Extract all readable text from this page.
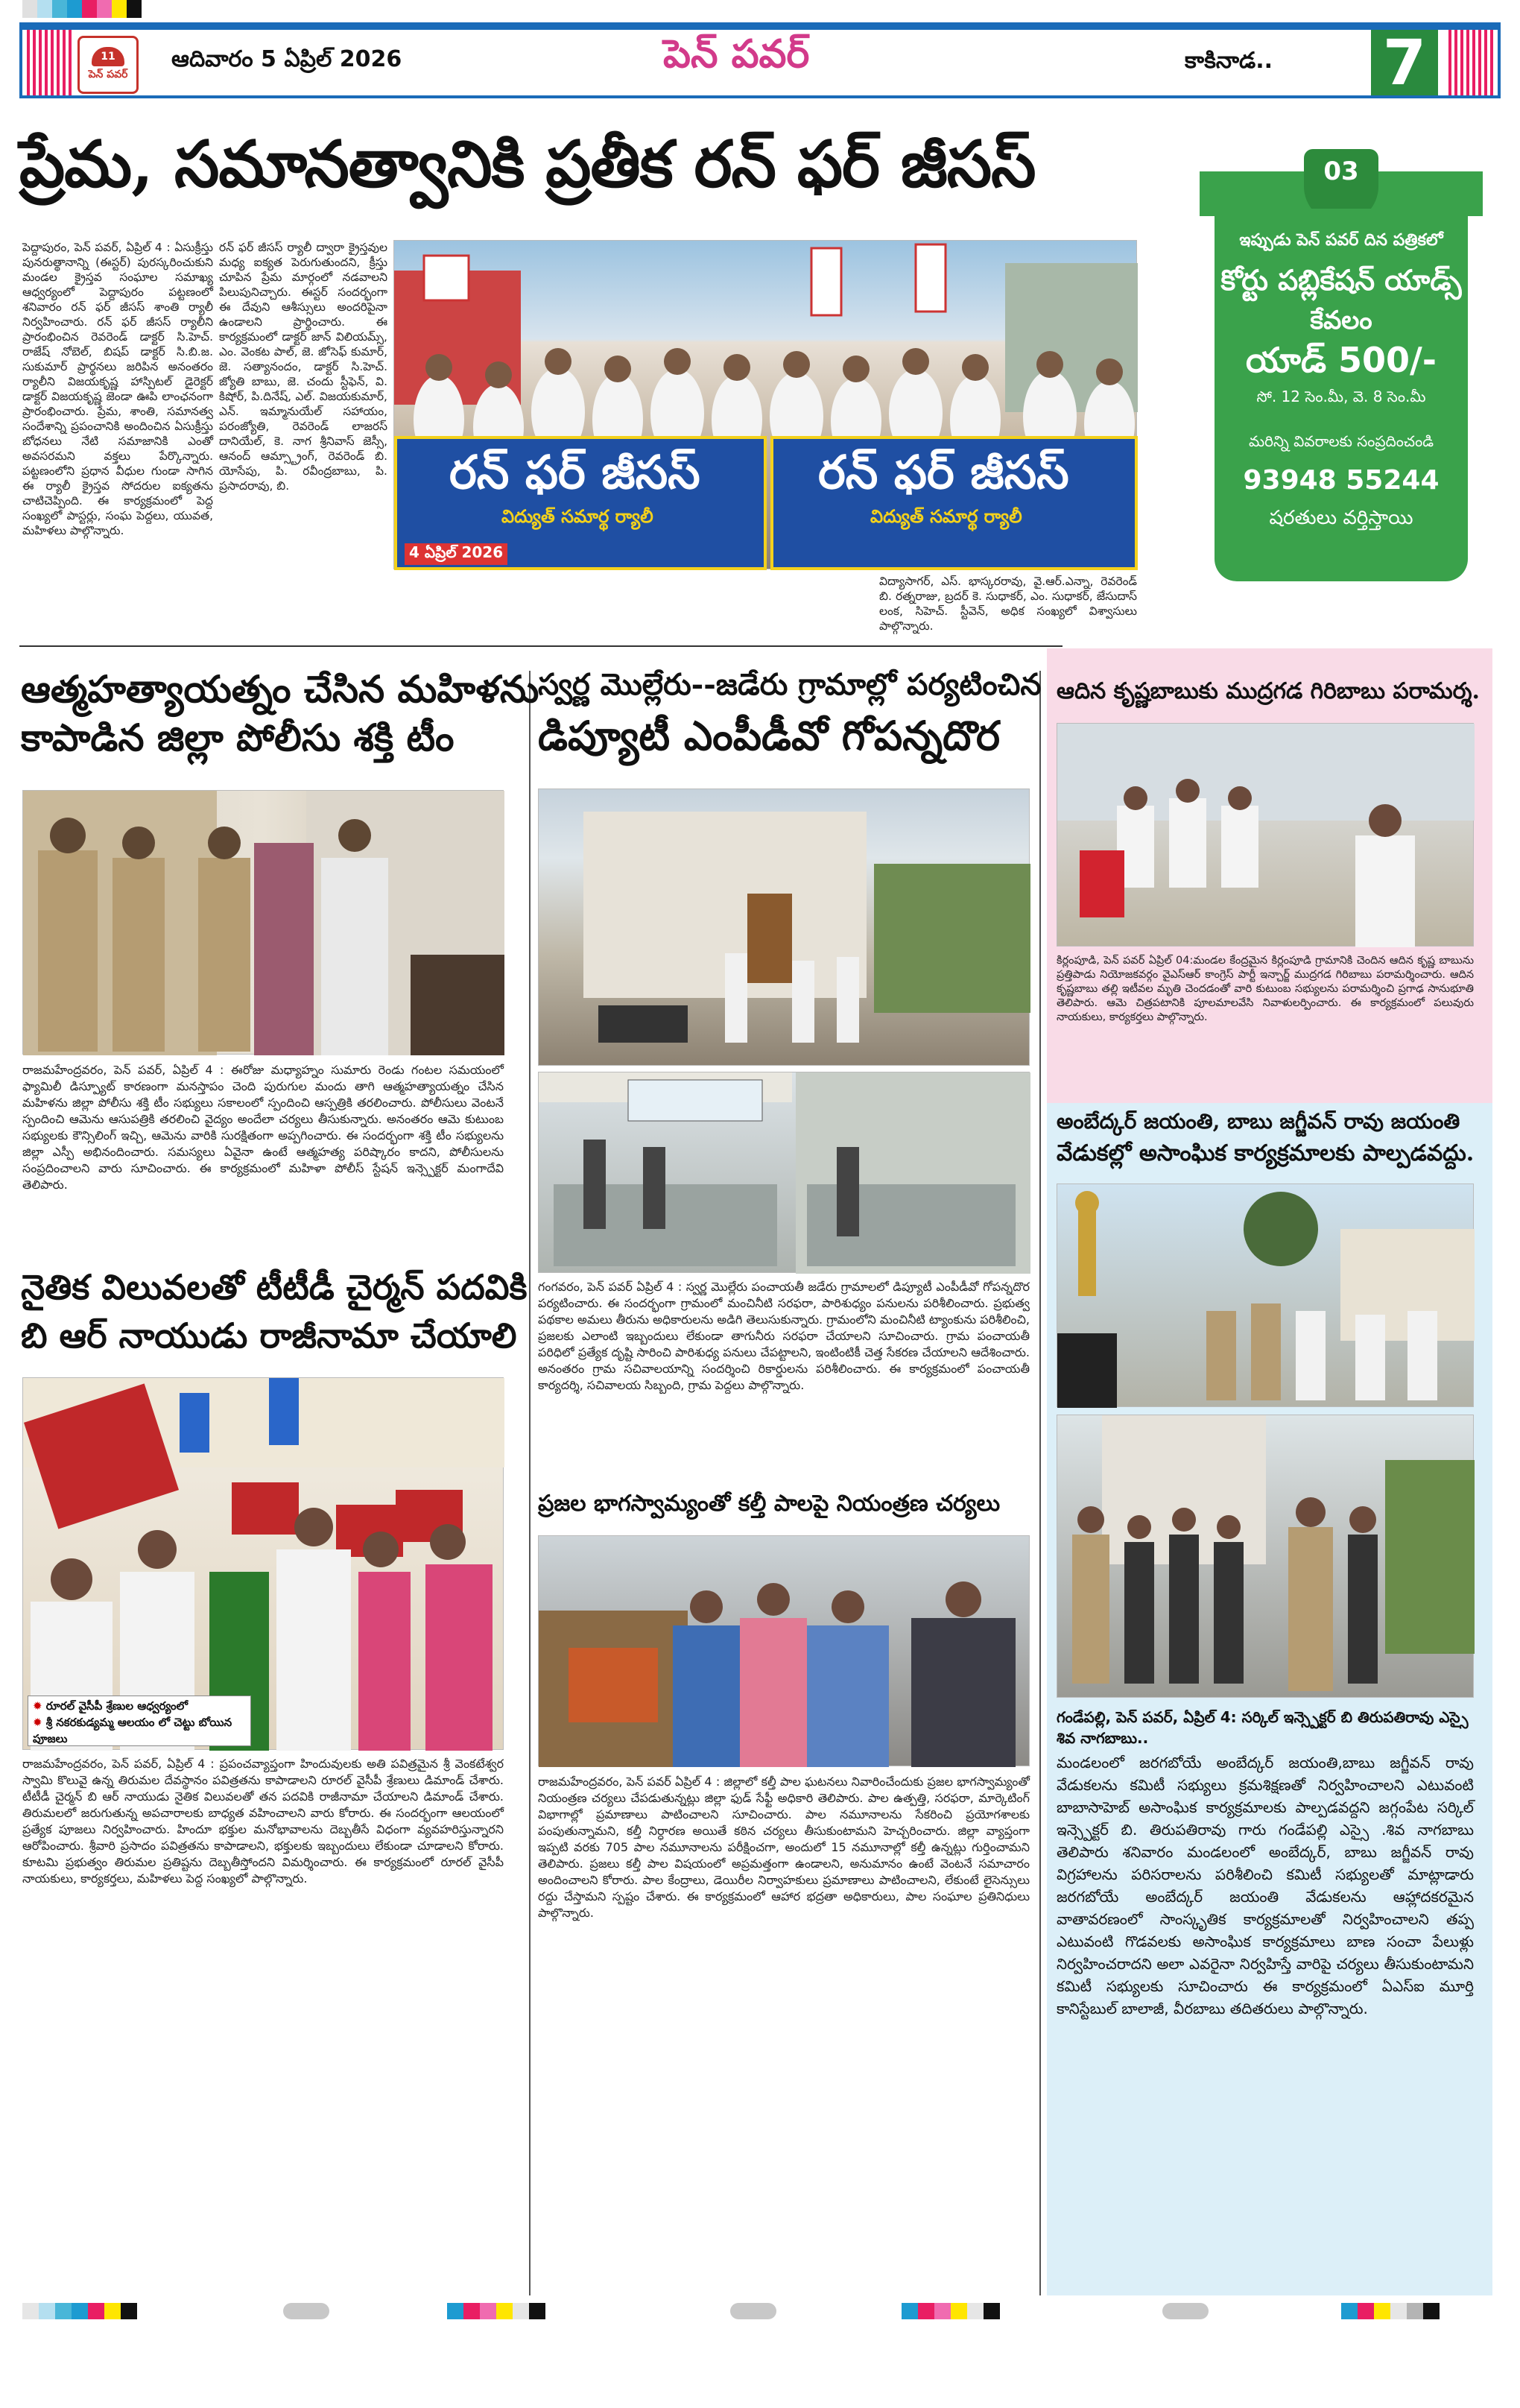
11
పెన్ పవర్
ఆదివారం 5 ఏప్రిల్ 2026	పెన్ పవర్	కాకినాడ.. 7
ప్రేమ, సమానత్వానికి ప్రతీక రన్ ఫర్ జీసస్
పెద్దాపురం, పెన్ పవర్, ఏప్రిల్ 4 : ఏసుక్రీస్తు పునరుత్థానాన్ని (ఈస్టర్) పురస్కరించుకుని మండల క్రైస్తవ సంఘాల సమాఖ్య ఆధ్వర్యంలో పెద్దాపురం పట్టణంలో శనివారం రన్ ఫర్ జీసస్ శాంతి ర్యాలీ నిర్వహించారు. రన్ ఫర్ జీసస్ ర్యాలీని ప్రారంభించిన రెవరెండ్ డాక్టర్ సి.హెచ్. రాజేష్ నోబెల్, బిషప్ డాక్టర్ సి.బి.జ. సుకుమార్ ప్రార్థనలు జరిపిన అనంతరం ర్యాలీని విజయకృష్ణ హాస్పిటల్ డైరెక్టర్ డాక్టర్ విజయకృష్ణ జెండా ఊపి లాంఛనంగా ప్రారంభించారు. ప్రేమ, శాంతి, సమానత్వ సందేశాన్ని ప్రపంచానికి అందించిన ఏసుక్రీస్తు బోధనలు నేటి సమాజానికి ఎంతో అవసరమని వక్తలు పేర్కొన్నారు. పట్టణంలోని ప్రధాన వీధుల గుండా సాగిన ఈ ర్యాలీ క్రైస్తవ సోదరుల ఐక్యతను చాటిచెప్పింది. ఈ కార్యక్రమంలో పెద్ద సంఖ్యలో పాస్టర్లు, సంఘ పెద్దలు, యువత, మహిళలు పాల్గొన్నారు.
రన్ ఫర్ జీసస్ ర్యాలీ ద్వారా క్రైస్తవుల మధ్య ఐక్యత పెరుగుతుందని, క్రీస్తు చూపిన ప్రేమ మార్గంలో నడవాలని పిలుపునిచ్చారు. ఈస్టర్ సందర్భంగా ఈ దేవుని ఆశీస్సులు అందరిపైనా ఉండాలని ప్రార్థించారు. ఈ కార్యక్రమంలో డాక్టర్ జాన్ విలియమ్స్, ఎం. వెంకట పాల్, జె. జోసెఫ్ కుమార్, జె. సత్యానందం, డాక్టర్ సి.హెచ్. జ్యోతి బాబు, జె. చందు స్టీఫెన్, వి. కిషోర్, పి.దినేష్, ఎల్. విజయకుమార్, ఎన్. ఇమ్మానుయేల్ సహాయం, పరంజ్యోతి, రెవరెండ్ లాజరస్ దానియేల్, కె. నాగ శ్రీనివాస్ జెస్సీ, ఆనంద్ ఆమ్స్ట్రాంగ్, రెవరెండ్ బి. యోసేపు, పి. రవీంద్రబాబు, పి. ప్రసాదరావు, బి.	రన్ ఫర్ జీసస్
విద్యుత్ సమార్థ ర్యాలీ
4 ఏప్రిల్ 2026
రన్ ఫర్ జీసస్
విద్యుత్ సమార్థ ర్యాలీ
విద్యాసాగర్, ఎస్. భాస్కరరావు, వై.ఆర్.ఎన్నా, రెవరెండ్ బి. రత్నరాజు, బ్రదర్ కె. సుధాకర్, ఎం. సుధాకర్, జేసుదాస్ లంక, సిహెచ్. స్టీవెన్, అధిక సంఖ్యలో విశ్వాసులు పాల్గొన్నారు.
03
ఇప్పుడు పెన్ పవర్ దిన పత్రికలో
కోర్టు పబ్లికేషన్ యాడ్స్
కేవలం
యాడ్ 500/-
సో. 12 సెం.మీ, వె. 8 సెం.మీ
మరిన్ని వివరాలకు సంప్రదించండి
93948 55244
షరతులు వర్తిస్తాయి
ఆత్మహత్యాయత్నం చేసిన మహిళను
కాపాడిన జిల్లా పోలీసు శక్తి టీం
రాజమహేంద్రవరం, పెన్ పవర్, ఏప్రిల్ 4 : ఈరోజు మధ్యాహ్నం సుమారు రెండు గంటల సమయంలో ఫ్యామిలీ డిస్ప్యూట్ కారణంగా మనస్తాపం చెంది పురుగుల మందు తాగి ఆత్మహత్యాయత్నం చేసిన మహిళను జిల్లా పోలీసు శక్తి టీం సభ్యులు సకాలంలో స్పందించి ఆస్పత్రికి తరలించారు. పోలీసులు వెంటనే స్పందించి ఆమెను ఆసుపత్రికి తరలించి వైద్యం అందేలా చర్యలు తీసుకున్నారు. అనంతరం ఆమె కుటుంబ సభ్యులకు కౌన్సిలింగ్ ఇచ్చి, ఆమెను వారికి సురక్షితంగా అప్పగించారు. ఈ సందర్భంగా శక్తి టీం సభ్యులను జిల్లా ఎస్పీ అభినందించారు. సమస్యలు ఏవైనా ఉంటే ఆత్మహత్య పరిష్కారం కాదని, పోలీసులను సంప్రదించాలని వారు సూచించారు. ఈ కార్యక్రమంలో మహిళా పోలీస్ స్టేషన్ ఇన్స్పెక్టర్ మంగాదేవి తెలిపారు.
నైతిక విలువలతో టీటీడీ చైర్మన్ పదవికి
బి ఆర్ నాయుడు రాజీనామా చేయాలి
✹ రూరల్ వైసీపీ శ్రేణుల ఆధ్వర్యంలో
✹ శ్రీ నకరకుడ్యమ్మ ఆలయం లో చెట్టు బోయిన పూజలు
రాజమహేంద్రవరం, పెన్ పవర్, ఏప్రిల్ 4 : ప్రపంచవ్యాప్తంగా హిందువులకు అతి పవిత్రమైన శ్రీ వెంకటేశ్వర స్వామి కొలువై ఉన్న తిరుమల దేవస్థానం పవిత్రతను కాపాడాలని రూరల్ వైసీపీ శ్రేణులు డిమాండ్ చేశారు. టీటీడీ చైర్మన్ బి ఆర్ నాయుడు నైతిక విలువలతో తన పదవికి రాజీనామా చేయాలని డిమాండ్ చేశారు. తిరుమలలో జరుగుతున్న అపచారాలకు బాధ్యత వహించాలని వారు కోరారు. ఈ సందర్భంగా ఆలయంలో ప్రత్యేక పూజలు నిర్వహించారు. హిందూ భక్తుల మనోభావాలను దెబ్బతీసే విధంగా వ్యవహరిస్తున్నారని ఆరోపించారు. శ్రీవారి ప్రసాదం పవిత్రతను కాపాడాలని, భక్తులకు ఇబ్బందులు లేకుండా చూడాలని కోరారు. కూటమి ప్రభుత్వం తిరుమల ప్రతిష్టను దెబ్బతీస్తోందని విమర్శించారు. ఈ కార్యక్రమంలో రూరల్ వైసీపీ నాయకులు, కార్యకర్తలు, మహిళలు పెద్ద సంఖ్యలో పాల్గొన్నారు.
స్వర్ణ మొల్లేరు--జడేరు గ్రామాల్లో పర్యటించిన
డిప్యూటీ ఎంపీడీవో గోపన్నదొర
గంగవరం, పెన్ పవర్ ఏప్రిల్ 4 : స్వర్ణ మొల్లేరు పంచాయతీ జడేరు గ్రామాలలో డిప్యూటీ ఎంపీడీవో గోపన్నదొర పర్యటించారు. ఈ సందర్భంగా గ్రామంలో మంచినీటి సరఫరా, పారిశుధ్యం పనులను పరిశీలించారు. ప్రభుత్వ పథకాల అమలు తీరును అధికారులను అడిగి తెలుసుకున్నారు. గ్రామంలోని మంచినీటి ట్యాంకును పరిశీలించి, ప్రజలకు ఎలాంటి ఇబ్బందులు లేకుండా తాగునీరు సరఫరా చేయాలని సూచించారు. గ్రామ పంచాయతీ పరిధిలో ప్రత్యేక దృష్టి సారించి పారిశుధ్య పనులు చేపట్టాలని, ఇంటింటికీ చెత్త సేకరణ చేయాలని ఆదేశించారు. అనంతరం గ్రామ సచివాలయాన్ని సందర్శించి రికార్డులను పరిశీలించారు. ఈ కార్యక్రమంలో పంచాయతీ కార్యదర్శి, సచివాలయ సిబ్బంది, గ్రామ పెద్దలు పాల్గొన్నారు.
ప్రజల భాగస్వామ్యంతో కల్తీ పాలపై నియంత్రణ చర్యలు
రాజమహేంద్రవరం, పెన్ పవర్ ఏప్రిల్ 4 : జిల్లాలో కల్తీ పాల ఘటనలు నివారించేందుకు ప్రజల భాగస్వామ్యంతో నియంత్రణ చర్యలు చేపడుతున్నట్లు జిల్లా ఫుడ్ సేఫ్టీ అధికారి తెలిపారు. పాల ఉత్పత్తి, సరఫరా, మార్కెటింగ్ విభాగాల్లో ప్రమాణాలు పాటించాలని సూచించారు. పాల నమూనాలను సేకరించి ప్రయోగశాలకు పంపుతున్నామని, కల్తీ నిర్ధారణ అయితే కఠిన చర్యలు తీసుకుంటామని హెచ్చరించారు. జిల్లా వ్యాప్తంగా ఇప్పటి వరకు 705 పాల నమూనాలను పరీక్షించగా, అందులో 15 నమూనాల్లో కల్తీ ఉన్నట్లు గుర్తించామని తెలిపారు. ప్రజలు కల్తీ పాల విషయంలో అప్రమత్తంగా ఉండాలని, అనుమానం ఉంటే వెంటనే సమాచారం అందించాలని కోరారు. పాల కేంద్రాలు, డెయిరీల నిర్వాహకులు ప్రమాణాలు పాటించాలని, లేకుంటే లైసెన్సులు రద్దు చేస్తామని స్పష్టం చేశారు. ఈ కార్యక్రమంలో ఆహార భద్రతా అధికారులు, పాల సంఘాల ప్రతినిధులు పాల్గొన్నారు.
ఆదిన కృష్ణబాబుకు ముద్రగడ గిరిబాబు పరామర్శ.
కిర్లంపూడి, పెన్ పవర్ ఏప్రిల్ 04:మండల కేంద్రమైన కిర్లంపూడి గ్రామానికి చెందిన ఆదిన కృష్ణ బాబును ప్రత్తిపాడు నియోజకవర్గం వైఎస్ఆర్ కాంగ్రెస్ పార్టీ ఇన్చార్జ్ ముద్రగడ గిరిబాబు పరామర్శించారు. ఆదిన కృష్ణబాబు తల్లి ఇటీవల మృతి చెందడంతో వారి కుటుంబ సభ్యులను పరామర్శించి ప్రగాఢ సానుభూతి తెలిపారు. ఆమె చిత్రపటానికి పూలమాలవేసి నివాళులర్పించారు. ఈ కార్యక్రమంలో పలువురు నాయకులు, కార్యకర్తలు పాల్గొన్నారు.
అంబేద్కర్ జయంతి, బాబు జగ్జీవన్ రావు జయంతి
వేడుకల్లో అసాంఘిక కార్యక్రమాలకు పాల్పడవద్దు.
గండేపల్లి, పెన్ పవర్, ఏప్రిల్ 4: సర్కిల్ ఇన్స్పెక్టర్ బి తిరుపతిరావు ఎస్సై శివ నాగబాబు..
మండలంలో జరగబోయే అంబేద్కర్ జయంతి,బాబు జగ్జీవన్ రావు వేడుకలను కమిటీ సభ్యులు క్రమశిక్షణతో నిర్వహించాలని ఎటువంటి బాబాసాహెబ్ అసాంఘిక కార్యక్రమాలకు పాల్పడవద్దని జగ్గంపేట సర్కిల్ ఇన్స్పెక్టర్ బి. తిరుపతిరావు గారు గండేపల్లి ఎస్సై .శివ నాగబాబు తెలిపారు శనివారం మండలంలో అంబేద్కర్, బాబు జగ్జీవన్ రావు విగ్రహాలను పరిసరాలను పరిశీలించి కమిటీ సభ్యులతో మాట్లాడారు జరగబోయే అంబేద్కర్ జయంతి వేడుకలను ఆహ్లాదకరమైన వాతావరణంలో సాంస్కృతిక కార్యక్రమాలతో నిర్వహించాలని తప్ప ఎటువంటి గొడవలకు అసాంఘిక కార్యక్రమాలు బాణ సంచా పేలుళ్లు నిర్వహించరాదని అలా ఎవరైనా నిర్వహిస్తే వారిపై చర్యలు తీసుకుంటామని కమిటీ సభ్యులకు సూచించారు ఈ కార్యక్రమంలో ఏఎస్ఐ మూర్తి కానిస్టేబుల్ బాలాజీ, వీరబాబు తదితరులు పాల్గొన్నారు.
